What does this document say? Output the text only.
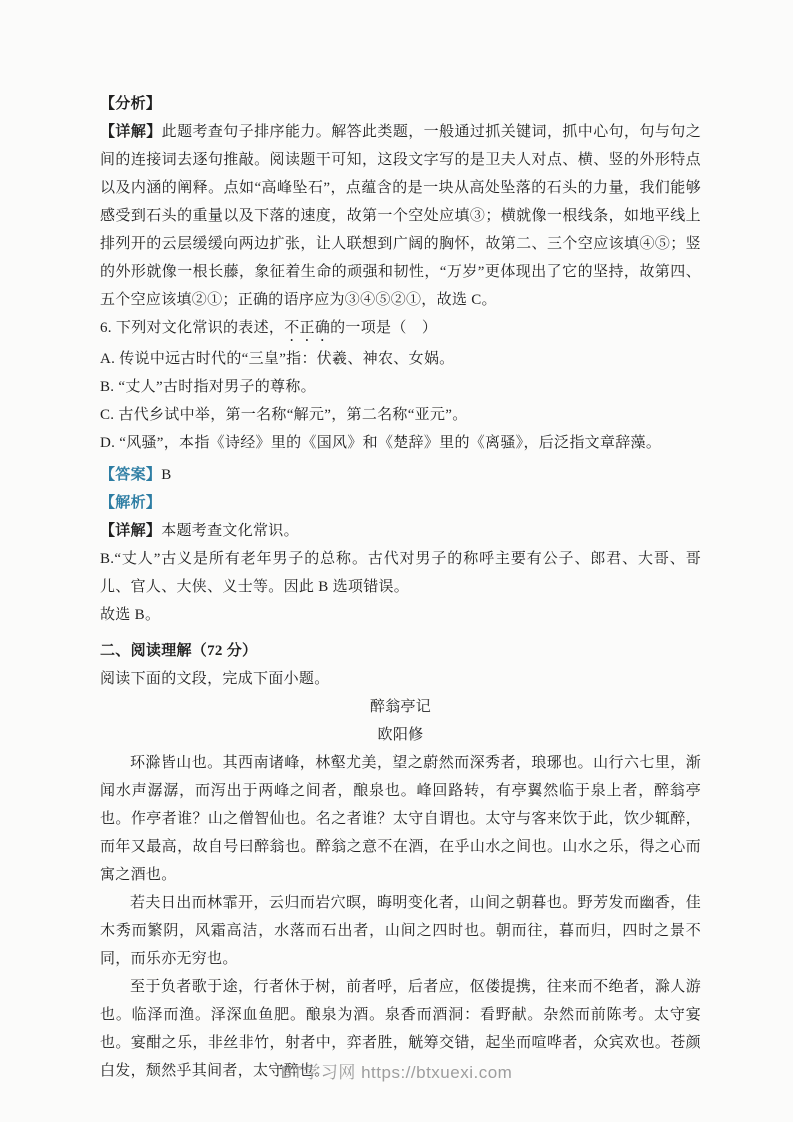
【分析】

【详解】此题考查句子排序能力。解答此类题，一般通过抓关键词，抓中心句，句与句之间的连接词去逐句推敲。阅读题干可知，这段文字写的是卫夫人对点、横、竖的外形特点以及内涵的阐释。点如“高峰坠石”，点蕴含的是一块从高处坠落的石头的力量，我们能够感受到石头的重量以及下落的速度，故第一个空处应填③；横就像一根线条，如地平线上排列开的云层缓缓向两边扩张，让人联想到广阔的胸怀，故第二、三个空应该填④⑤；竖的外形就像一根长藤，象征着生命的顽强和韧性，“万岁”更体现出了它的坚持，故第四、五个空应该填②①；正确的语序应为③④⑤②①，故选 C。

6. 下列对文化常识的表述，不正确的一项是（　）

A. 传说中远古时代的“三皇”指：伏羲、神农、女娲。

B. “丈人”古时指对男子的尊称。

C. 古代乡试中举，第一名称“解元”，第二名称“亚元”。

D. “风骚”，本指《诗经》里的《国风》和《楚辞》里的《离骚》，后泛指文章辞藻。

【答案】B

【解析】

【详解】本题考查文化常识。

B.“丈人”古义是所有老年男子的总称。古代对男子的称呼主要有公子、郎君、大哥、哥儿、官人、大侠、义士等。因此 B 选项错误。

故选 B。

二、阅读理解（72 分）

阅读下面的文段，完成下面小题。

醉翁亭记

欧阳修

环滁皆山也。其西南诸峰，林壑尤美，望之蔚然而深秀者，琅琊也。山行六七里，渐闻水声潺潺，而泻出于两峰之间者，酿泉也。峰回路转，有亭翼然临于泉上者，醉翁亭也。作亭者谁？山之僧智仙也。名之者谁？太守自谓也。太守与客来饮于此，饮少辄醉，而年又最高，故自号曰醉翁也。醉翁之意不在酒，在乎山水之间也。山水之乐，得之心而寓之酒也。

若夫日出而林霏开，云归而岩穴暝，晦明变化者，山间之朝暮也。野芳发而幽香，佳木秀而繁阴，风霜高洁，水落而石出者，山间之四时也。朝而往，暮而归，四时之景不同，而乐亦无穷也。

至于负者歌于途，行者休于树，前者呼，后者应，伛偻提携，往来而不绝者，滁人游也。临泽而渔。泽深血鱼肥。酿泉为酒。泉香而酒洞：看野献。杂然而前陈考。太守宴也。宴酣之乐，非丝非竹，射者中，弈者胜，觥筹交错，起坐而喧哗者，众宾欢也。苍颜白发，颓然乎其间者，太守醉也。

BT学习网 https://btxuexi.com
